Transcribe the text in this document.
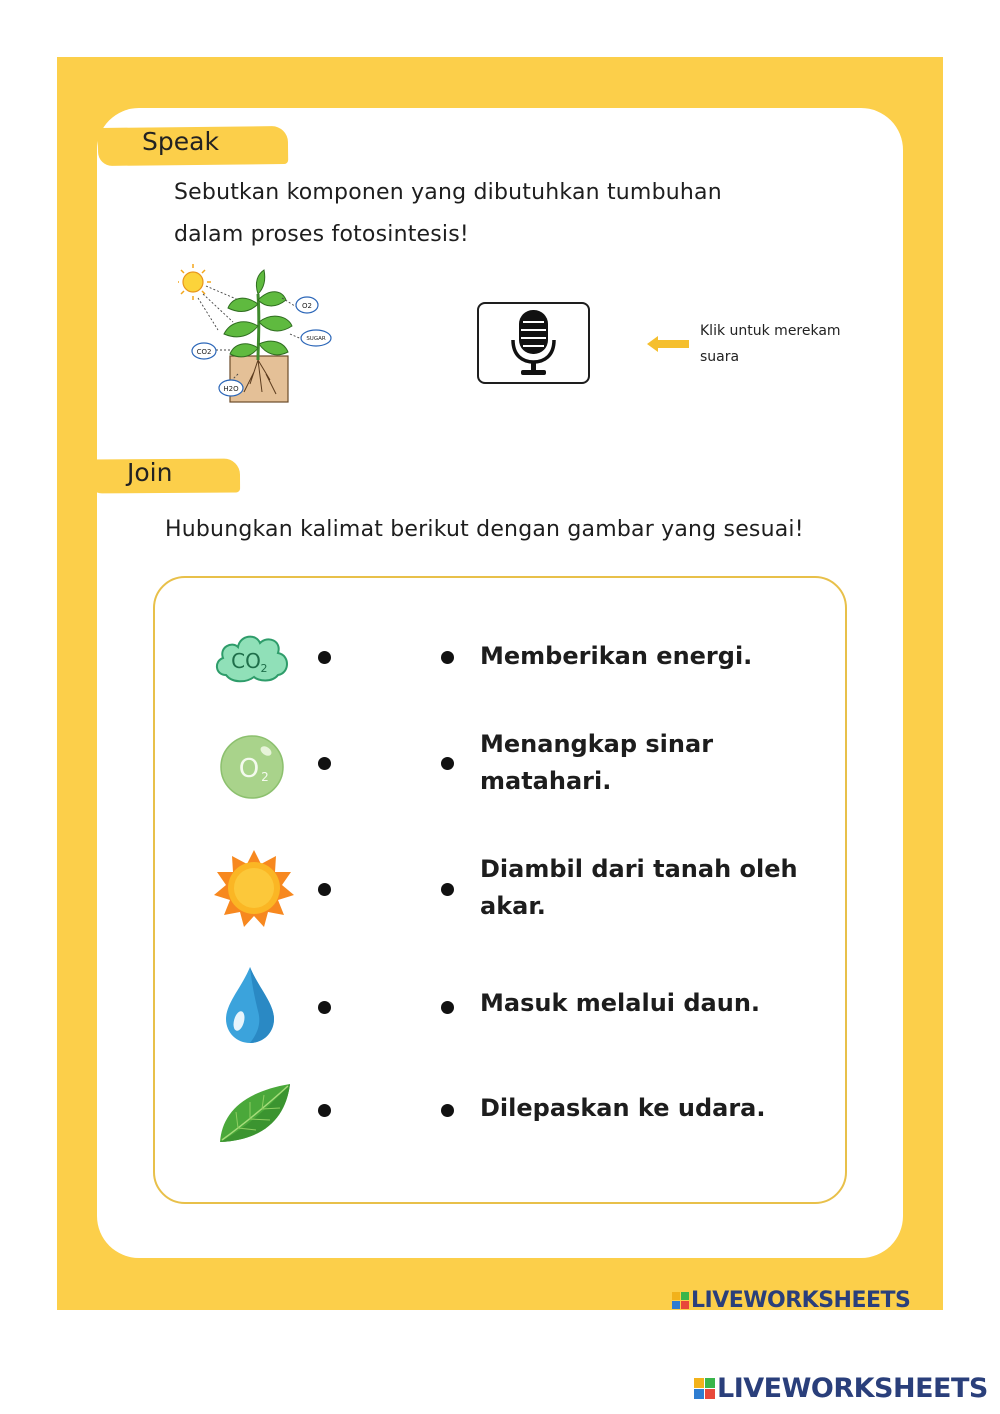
Speak
Sebutkan komponen yang dibutuhkan tumbuhan dalam proses fotosintesis!
O2
SUGAR
CO2
H2O
Klik untuk merekam suara
Join
Hubungkan kalimat berikut dengan gambar yang sesuai!
CO 2
O 2
Memberikan energi.
Menangkap sinar matahari.
Diambil dari tanah oleh akar.
Masuk melalui daun.
Dilepaskan ke udara.
LIVEWORKSHEETS
LIVEWORKSHEETS
